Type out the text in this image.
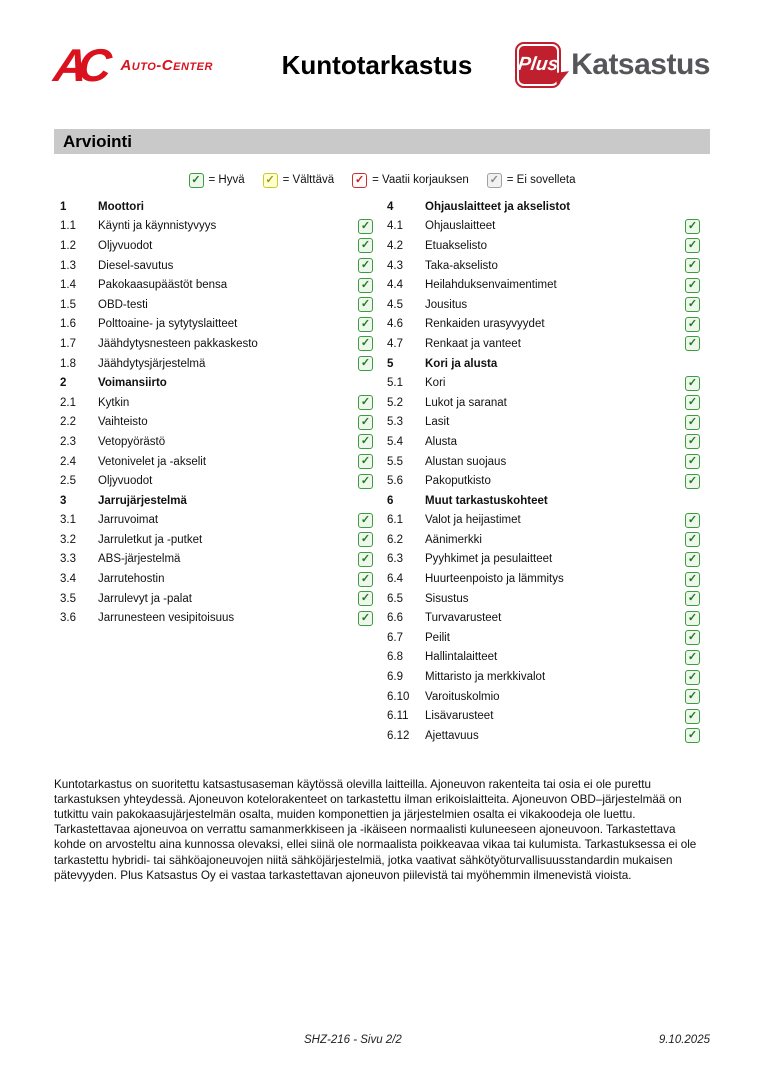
AC	Auto-Center	Kuntotarkastus	Plus Katsastus
Arviointi
✓ = Hyvä ✓ = Välttävä ✓ = Vaatii korjauksen ✓ = Ei sovelleta
1	Moottori
1.1	Käynti ja käynnistyvyys	✓
1.2	Öljyvuodot	✓
1.3	Diesel-savutus	✓
1.4	Pakokaasupäästöt bensa	✓
1.5	OBD-testi	✓
1.6	Polttoaine- ja sytytyslaitteet	✓
1.7	Jäähdytysnesteen pakkaskesto	✓
1.8	Jäähdytysjärjestelmä	✓
2	Voimansiirto
2.1	Kytkin	✓
2.2	Vaihteisto	✓
2.3	Vetopyörästö	✓
2.4	Vetonivelet ja -akselit	✓
2.5	Öljyvuodot	✓
3	Jarrujärjestelmä
3.1	Jarruvoimat	✓
3.2	Jarruletkut ja -putket	✓
3.3	ABS-järjestelmä	✓
3.4	Jarrutehostin	✓
3.5	Jarrulevyt ja -palat	✓
3.6	Jarrunesteen vesipitoisuus	✓
4	Ohjauslaitteet ja akselistot
4.1	Ohjauslaitteet	✓
4.2	Etuakselisto	✓
4.3	Taka-akselisto	✓
4.4	Heilahduksenvaimentimet	✓
4.5	Jousitus	✓
4.6	Renkaiden urasyvyydet	✓
4.7	Renkaat ja vanteet	✓
5	Kori ja alusta
5.1	Kori	✓
5.2	Lukot ja saranat	✓
5.3	Lasit	✓
5.4	Alusta	✓
5.5	Alustan suojaus	✓
5.6	Pakoputkisto	✓
6	Muut tarkastuskohteet
6.1	Valot ja heijastimet	✓
6.2	Äänimerkki	✓
6.3	Pyyhkimet ja pesulaitteet	✓
6.4	Huurteenpoisto ja lämmitys	✓
6.5	Sisustus	✓
6.6	Turvavarusteet	✓
6.7	Peilit	✓
6.8	Hallintalaitteet	✓
6.9	Mittaristo ja merkkivalot	✓
6.10	Varoituskolmio	✓
6.11	Lisävarusteet	✓
6.12	Ajettavuus	✓
Kuntotarkastus on suoritettu katsastusaseman käytössä olevilla laitteilla. Ajoneuvon rakenteita tai osia ei ole purettu tarkastuksen yhteydessä. Ajoneuvon kotelorakenteet on tarkastettu ilman erikoislaitteita. Ajoneuvon OBD–järjestelmää on tutkittu vain pakokaasujärjestelmän osalta, muiden komponettien ja järjestelmien osalta ei vikakoodeja ole luettu. Tarkastettavaa ajoneuvoa on verrattu samanmerkkiseen ja -ikäiseen normaalisti kuluneeseen ajoneuvoon. Tarkastettava kohde on arvosteltu aina kunnossa olevaksi, ellei siinä ole normaalista poikkeavaa vikaa tai kulumista. Tarkastuksessa ei ole tarkastettu hybridi- tai sähköajoneuvojen niitä sähköjärjestelmiä, jotka vaativat sähkötyöturvallisuusstandardin mukaisen pätevyyden. Plus Katsastus Oy ei vastaa tarkastettavan ajoneuvon piilevistä tai myöhemmin ilmenevistä vioista.
SHZ-216 - Sivu 2/2	9.10.2025
